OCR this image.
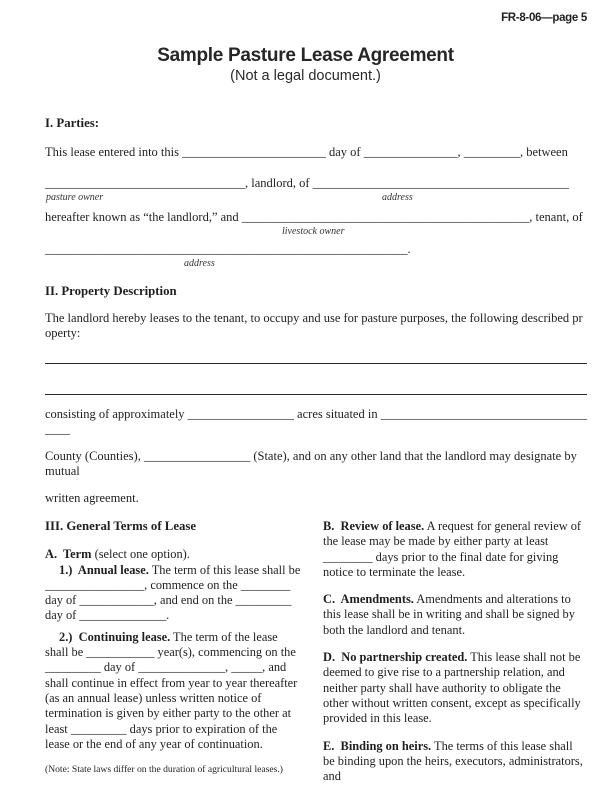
FR-8-06—page 5
Sample Pasture Lease Agreement
(Not a legal document.)
I. Parties:

This lease entered into this _______________________ day of _______________, _________, between

________________________________, landlord, of _________________________________________

pasture owner	address

hereafter known as “the landlord,” and ______________________________________________, tenant, of

livestock owner

__________________________________________________________.

address
II. Property Description

The landlord hereby leases to the tenant, to occupy and use for pasture purposes, the following described property:

consisting of approximately _________________ acres situated in _____________________________________

County (Counties), _________________ (State), and on any other land that the landlord may designate by mutual

written agreement.

III. General Terms of Lease

A.  Term (select one option).

1.)  Annual lease. The term of this lease shall be ________________, commence on the ________ day of ____________, and end on the _________ day of ______________.

2.)  Continuing lease. The term of the lease shall be ___________ year(s), commencing on the _________ day of ______________, _____, and shall continue in effect from year to year thereafter (as an annual lease) unless written notice of termination is given by either party to the other at least _________ days prior to expiration of the lease or the end of any year of continuation.

(Note: State laws differ on the duration of agricultural leases.)

B.  Review of lease. A request for general review of the lease may be made by either party at least ________ days prior to the final date for giving notice to terminate the lease.

C.  Amendments. Amendments and alterations to this lease shall be in writing and shall be signed by both the landlord and tenant.

D.  No partnership created. This lease shall not be deemed to give rise to a partnership relation, and neither party shall have authority to obligate the other without written consent, except as specifically provided in this lease.

E.  Binding on heirs. The terms of this lease shall be binding upon the heirs, executors, administrators, and
